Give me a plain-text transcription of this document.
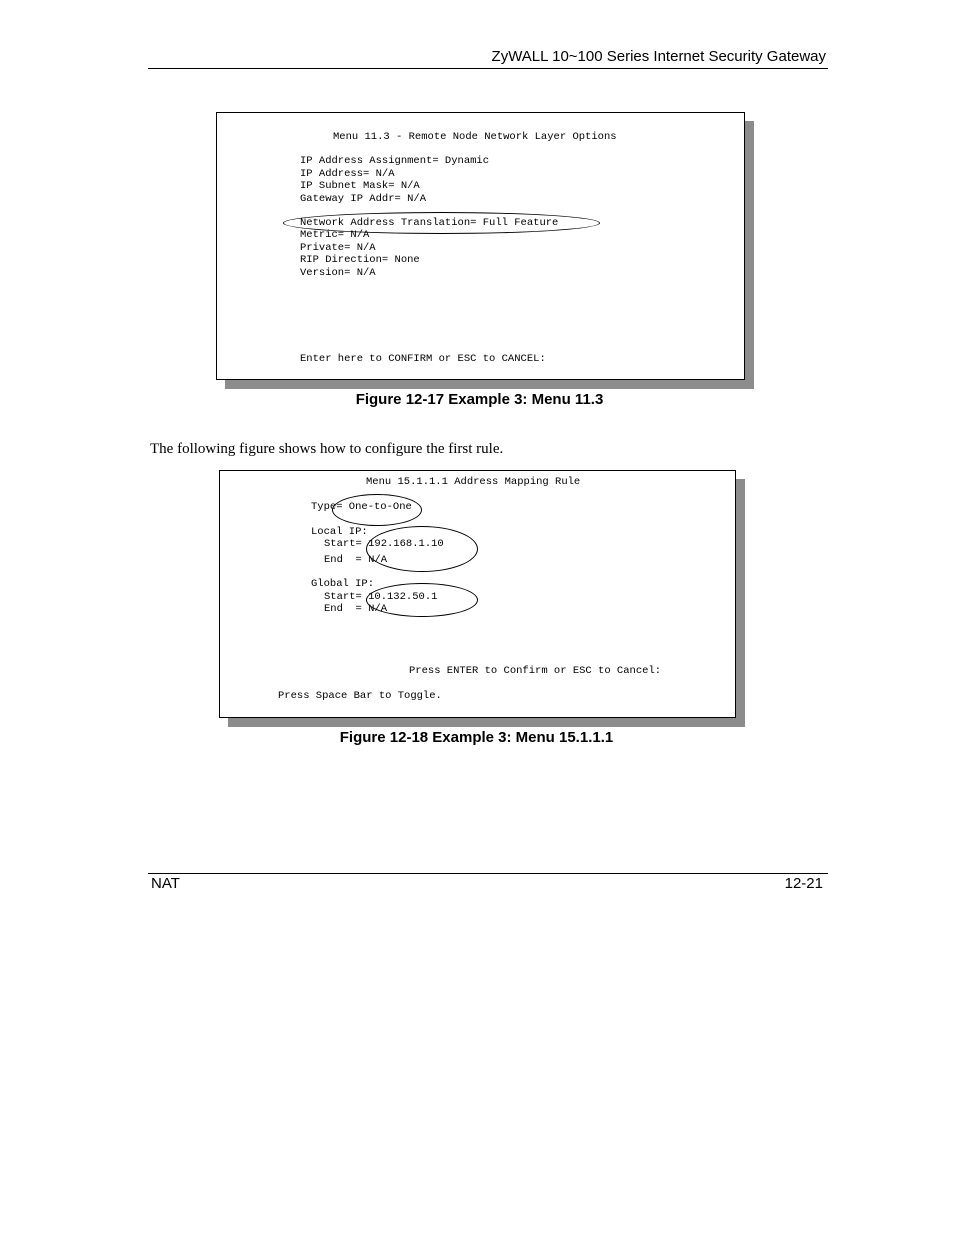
ZyWALL 10~100 Series Internet Security Gateway
Menu 11.3 - Remote Node Network Layer Options
IP Address Assignment= Dynamic
IP Address= N/A
IP Subnet Mask= N/A
Gateway IP Addr= N/A
Network Address Translation= Full Feature
Metric= N/A
Private= N/A
RIP Direction= None
Version= N/A
Enter here to CONFIRM or ESC to CANCEL:
Figure 12-17 Example 3: Menu 11.3
The following figure shows how to configure the first rule.
Menu 15.1.1.1 Address Mapping Rule
Type= One-to-One
Local IP:
Start= 192.168.1.10
End  = N/A
Global IP:
Start= 10.132.50.1
End  = N/A
Press ENTER to Confirm or ESC to Cancel:
Press Space Bar to Toggle.
Figure 12-18 Example 3: Menu 15.1.1.1
NAT	12-21
